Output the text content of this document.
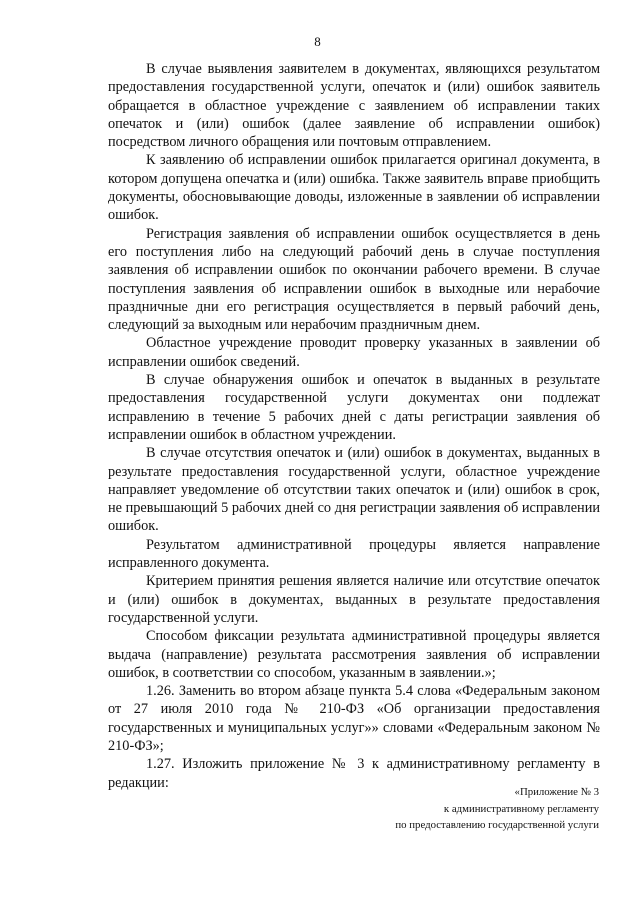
8

В случае выявления заявителем в документах, являющихся результатом предоставления государственной услуги, опечаток и (или) ошибок заявитель обращается в областное учреждение с заявлением об исправлении таких опечаток и (или) ошибок (далее заявление об исправлении ошибок) посредством личного обращения или почтовым отправлением.

К заявлению об исправлении ошибок прилагается оригинал документа, в котором допущена опечатка и (или) ошибка. Также заявитель вправе приобщить документы, обосновывающие доводы, изложенные в заявлении об исправлении ошибок.

Регистрация заявления об исправлении ошибок осуществляется в день его поступления либо на следующий рабочий день в случае поступления заявления об исправлении ошибок по окончании рабочего времени. В случае поступления заявления об исправлении ошибок в выходные или нерабочие праздничные дни его регистрация осуществляется в первый рабочий день, следующий за выходным или нерабочим праздничным днем.

Областное учреждение проводит проверку указанных в заявлении об исправлении ошибок сведений.

В случае обнаружения ошибок и опечаток в выданных в результате предоставления государственной услуги документах они подлежат исправлению в течение 5 рабочих дней с даты регистрации заявления об исправлении ошибок в областном учреждении.

В случае отсутствия опечаток и (или) ошибок в документах, выданных в результате предоставления государственной услуги, областное учреждение направляет уведомление об отсутствии таких опечаток и (или) ошибок в срок, не превышающий 5 рабочих дней со дня регистрации заявления об исправлении ошибок.

Результатом административной процедуры является направление исправленного документа.

Критерием принятия решения является наличие или отсутствие опечаток и (или) ошибок в документах, выданных в результате предоставления государственной услуги.

Способом фиксации результата административной процедуры является выдача (направление) результата рассмотрения заявления об исправлении ошибок, в соответствии со способом, указанным в заявлении.»;

1.26. Заменить во втором абзаце пункта 5.4 слова «Федеральным законом от 27 июля 2010 года № 210-ФЗ «Об организации предоставления государственных и муниципальных услуг»» словами «Федеральным законом № 210-ФЗ»;

1.27. Изложить приложение № 3 к административному регламенту в редакции:

«Приложение № 3
к административному регламенту
по предоставлению государственной услуги
